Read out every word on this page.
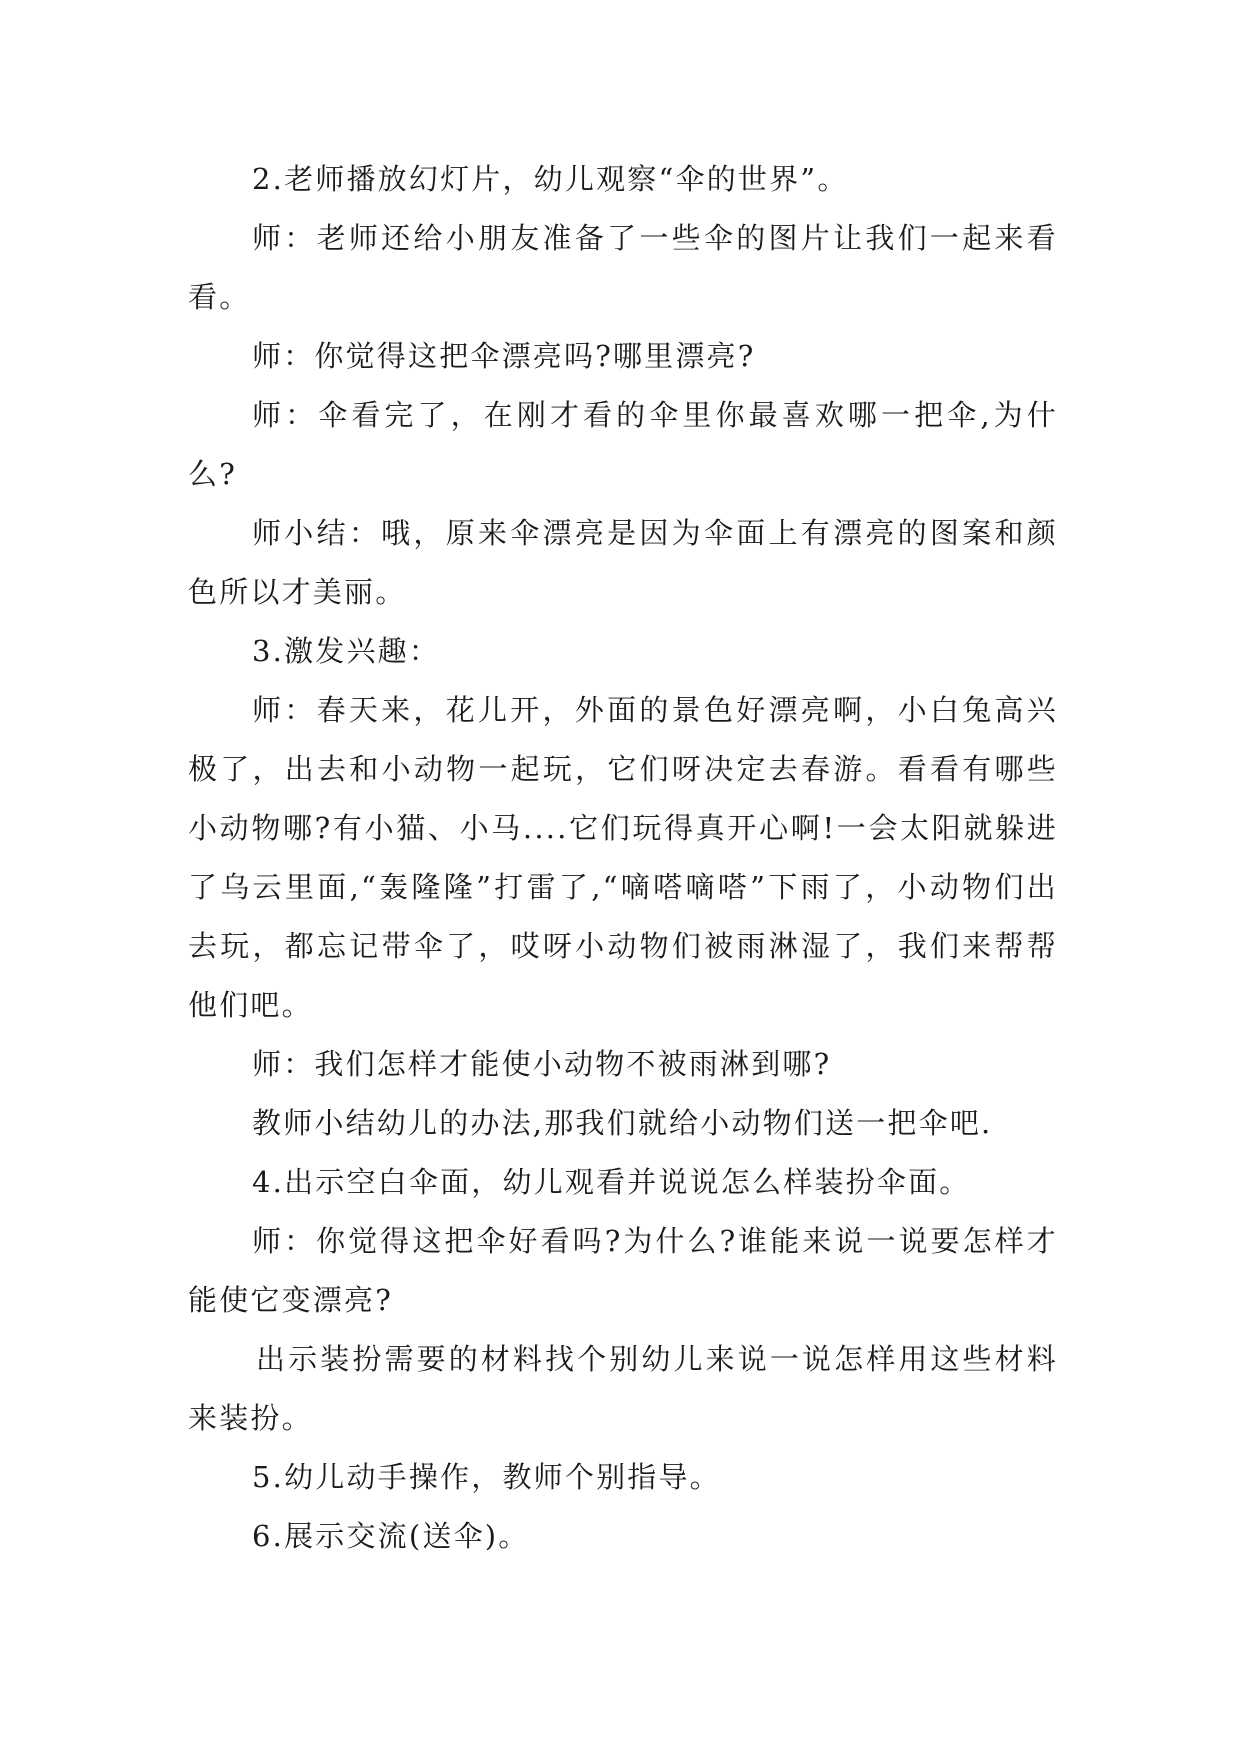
2.老师播放幻灯片，幼儿观察“伞的世界”。

师：老师还给小朋友准备了一些伞的图片让我们一起来看看。

师：你觉得这把伞漂亮吗?哪里漂亮?

师：伞看完了，在刚才看的伞里你最喜欢哪一把伞,为什么?

师小结：哦，原来伞漂亮是因为伞面上有漂亮的图案和颜色所以才美丽。

3.激发兴趣：

师：春天来，花儿开，外面的景色好漂亮啊，小白兔高兴极了，出去和小动物一起玩，它们呀决定去春游。看看有哪些小动物哪?有小猫、小马....它们玩得真开心啊!一会太阳就躲进了乌云里面,“轰隆隆”打雷了,“嘀嗒嘀嗒”下雨了，小动物们出去玩，都忘记带伞了，哎呀小动物们被雨淋湿了，我们来帮帮他们吧。

师：我们怎样才能使小动物不被雨淋到哪?

教师小结幼儿的办法,那我们就给小动物们送一把伞吧.

4.出示空白伞面，幼儿观看并说说怎么样装扮伞面。

师：你觉得这把伞好看吗?为什么?谁能来说一说要怎样才能使它变漂亮?

出示装扮需要的材料找个别幼儿来说一说怎样用这些材料来装扮。

5.幼儿动手操作，教师个别指导。

6.展示交流(送伞)。
